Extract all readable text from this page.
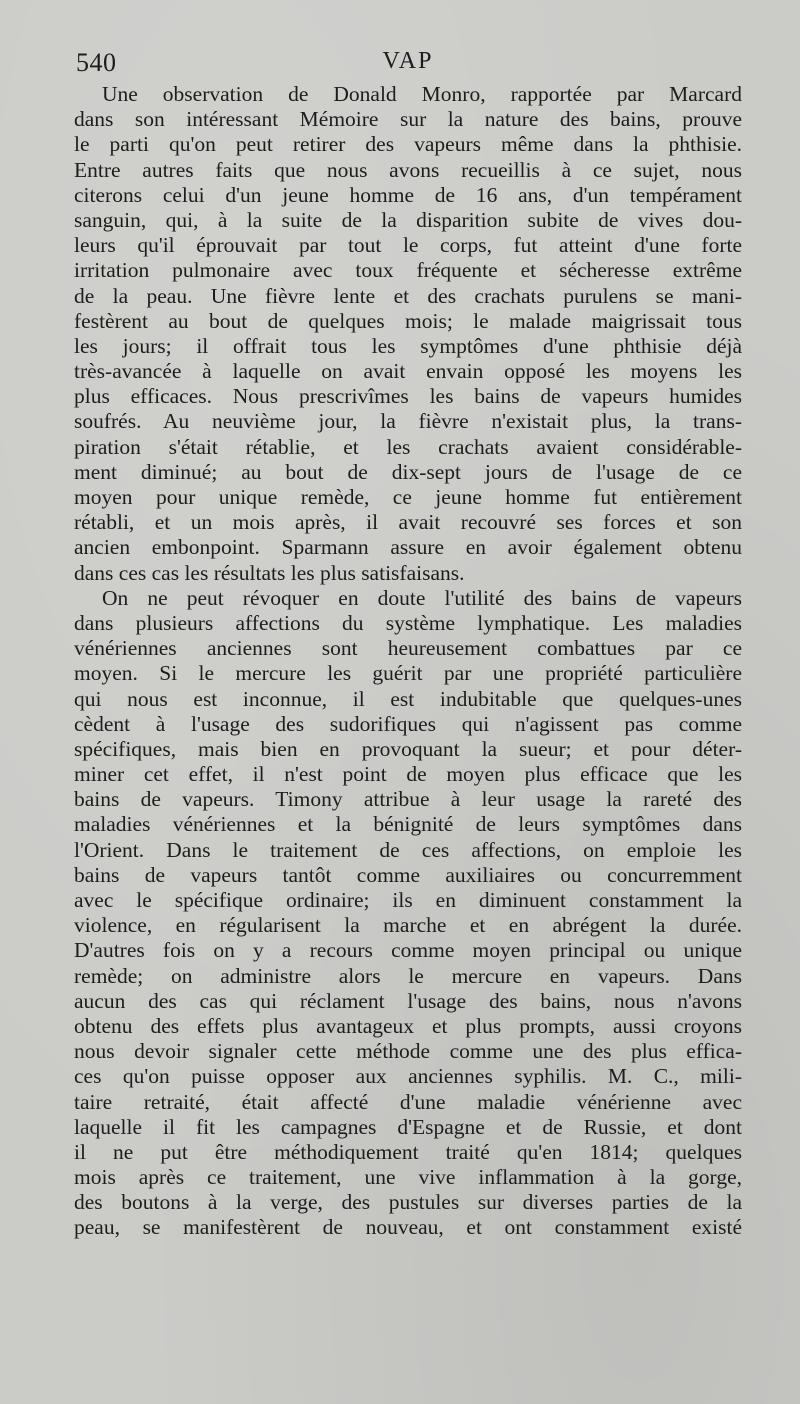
540	VAP
Une observation de Donald Monro, rapportée par Marcard
dans son intéressant Mémoire sur la nature des bains, prouve
le parti qu'on peut retirer des vapeurs même dans la phthisie.
Entre autres faits que nous avons recueillis à ce sujet, nous
citerons celui d'un jeune homme de 16 ans, d'un tempérament
sanguin, qui, à la suite de la disparition subite de vives dou-
leurs qu'il éprouvait par tout le corps, fut atteint d'une forte
irritation pulmonaire avec toux fréquente et sécheresse extrême
de la peau. Une fièvre lente et des crachats purulens se mani-
festèrent au bout de quelques mois; le malade maigrissait tous
les jours; il offrait tous les symptômes d'une phthisie déjà
très-avancée à laquelle on avait envain opposé les moyens les
plus efficaces. Nous prescrivîmes les bains de vapeurs humides
soufrés. Au neuvième jour, la fièvre n'existait plus, la trans-
piration s'était rétablie, et les crachats avaient considérable-
ment diminué; au bout de dix-sept jours de l'usage de ce
moyen pour unique remède, ce jeune homme fut entièrement
rétabli, et un mois après, il avait recouvré ses forces et son
ancien embonpoint. Sparmann assure en avoir également obtenu
dans ces cas les résultats les plus satisfaisans.
On ne peut révoquer en doute l'utilité des bains de vapeurs
dans plusieurs affections du système lymphatique. Les maladies
vénériennes anciennes sont heureusement combattues par ce
moyen. Si le mercure les guérit par une propriété particulière
qui nous est inconnue, il est indubitable que quelques-unes
cèdent à l'usage des sudorifiques qui n'agissent pas comme
spécifiques, mais bien en provoquant la sueur; et pour déter-
miner cet effet, il n'est point de moyen plus efficace que les
bains de vapeurs. Timony attribue à leur usage la rareté des
maladies vénériennes et la bénignité de leurs symptômes dans
l'Orient. Dans le traitement de ces affections, on emploie les
bains de vapeurs tantôt comme auxiliaires ou concurremment
avec le spécifique ordinaire; ils en diminuent constamment la
violence, en régularisent la marche et en abrégent la durée.
D'autres fois on y a recours comme moyen principal ou unique
remède; on administre alors le mercure en vapeurs. Dans
aucun des cas qui réclament l'usage des bains, nous n'avons
obtenu des effets plus avantageux et plus prompts, aussi croyons
nous devoir signaler cette méthode comme une des plus effica-
ces qu'on puisse opposer aux anciennes syphilis. M. C., mili-
taire retraité, était affecté d'une maladie vénérienne avec
laquelle il fit les campagnes d'Espagne et de Russie, et dont
il ne put être méthodiquement traité qu'en 1814; quelques
mois après ce traitement, une vive inflammation à la gorge,
des boutons à la verge, des pustules sur diverses parties de la
peau, se manifestèrent de nouveau, et ont constamment existé
